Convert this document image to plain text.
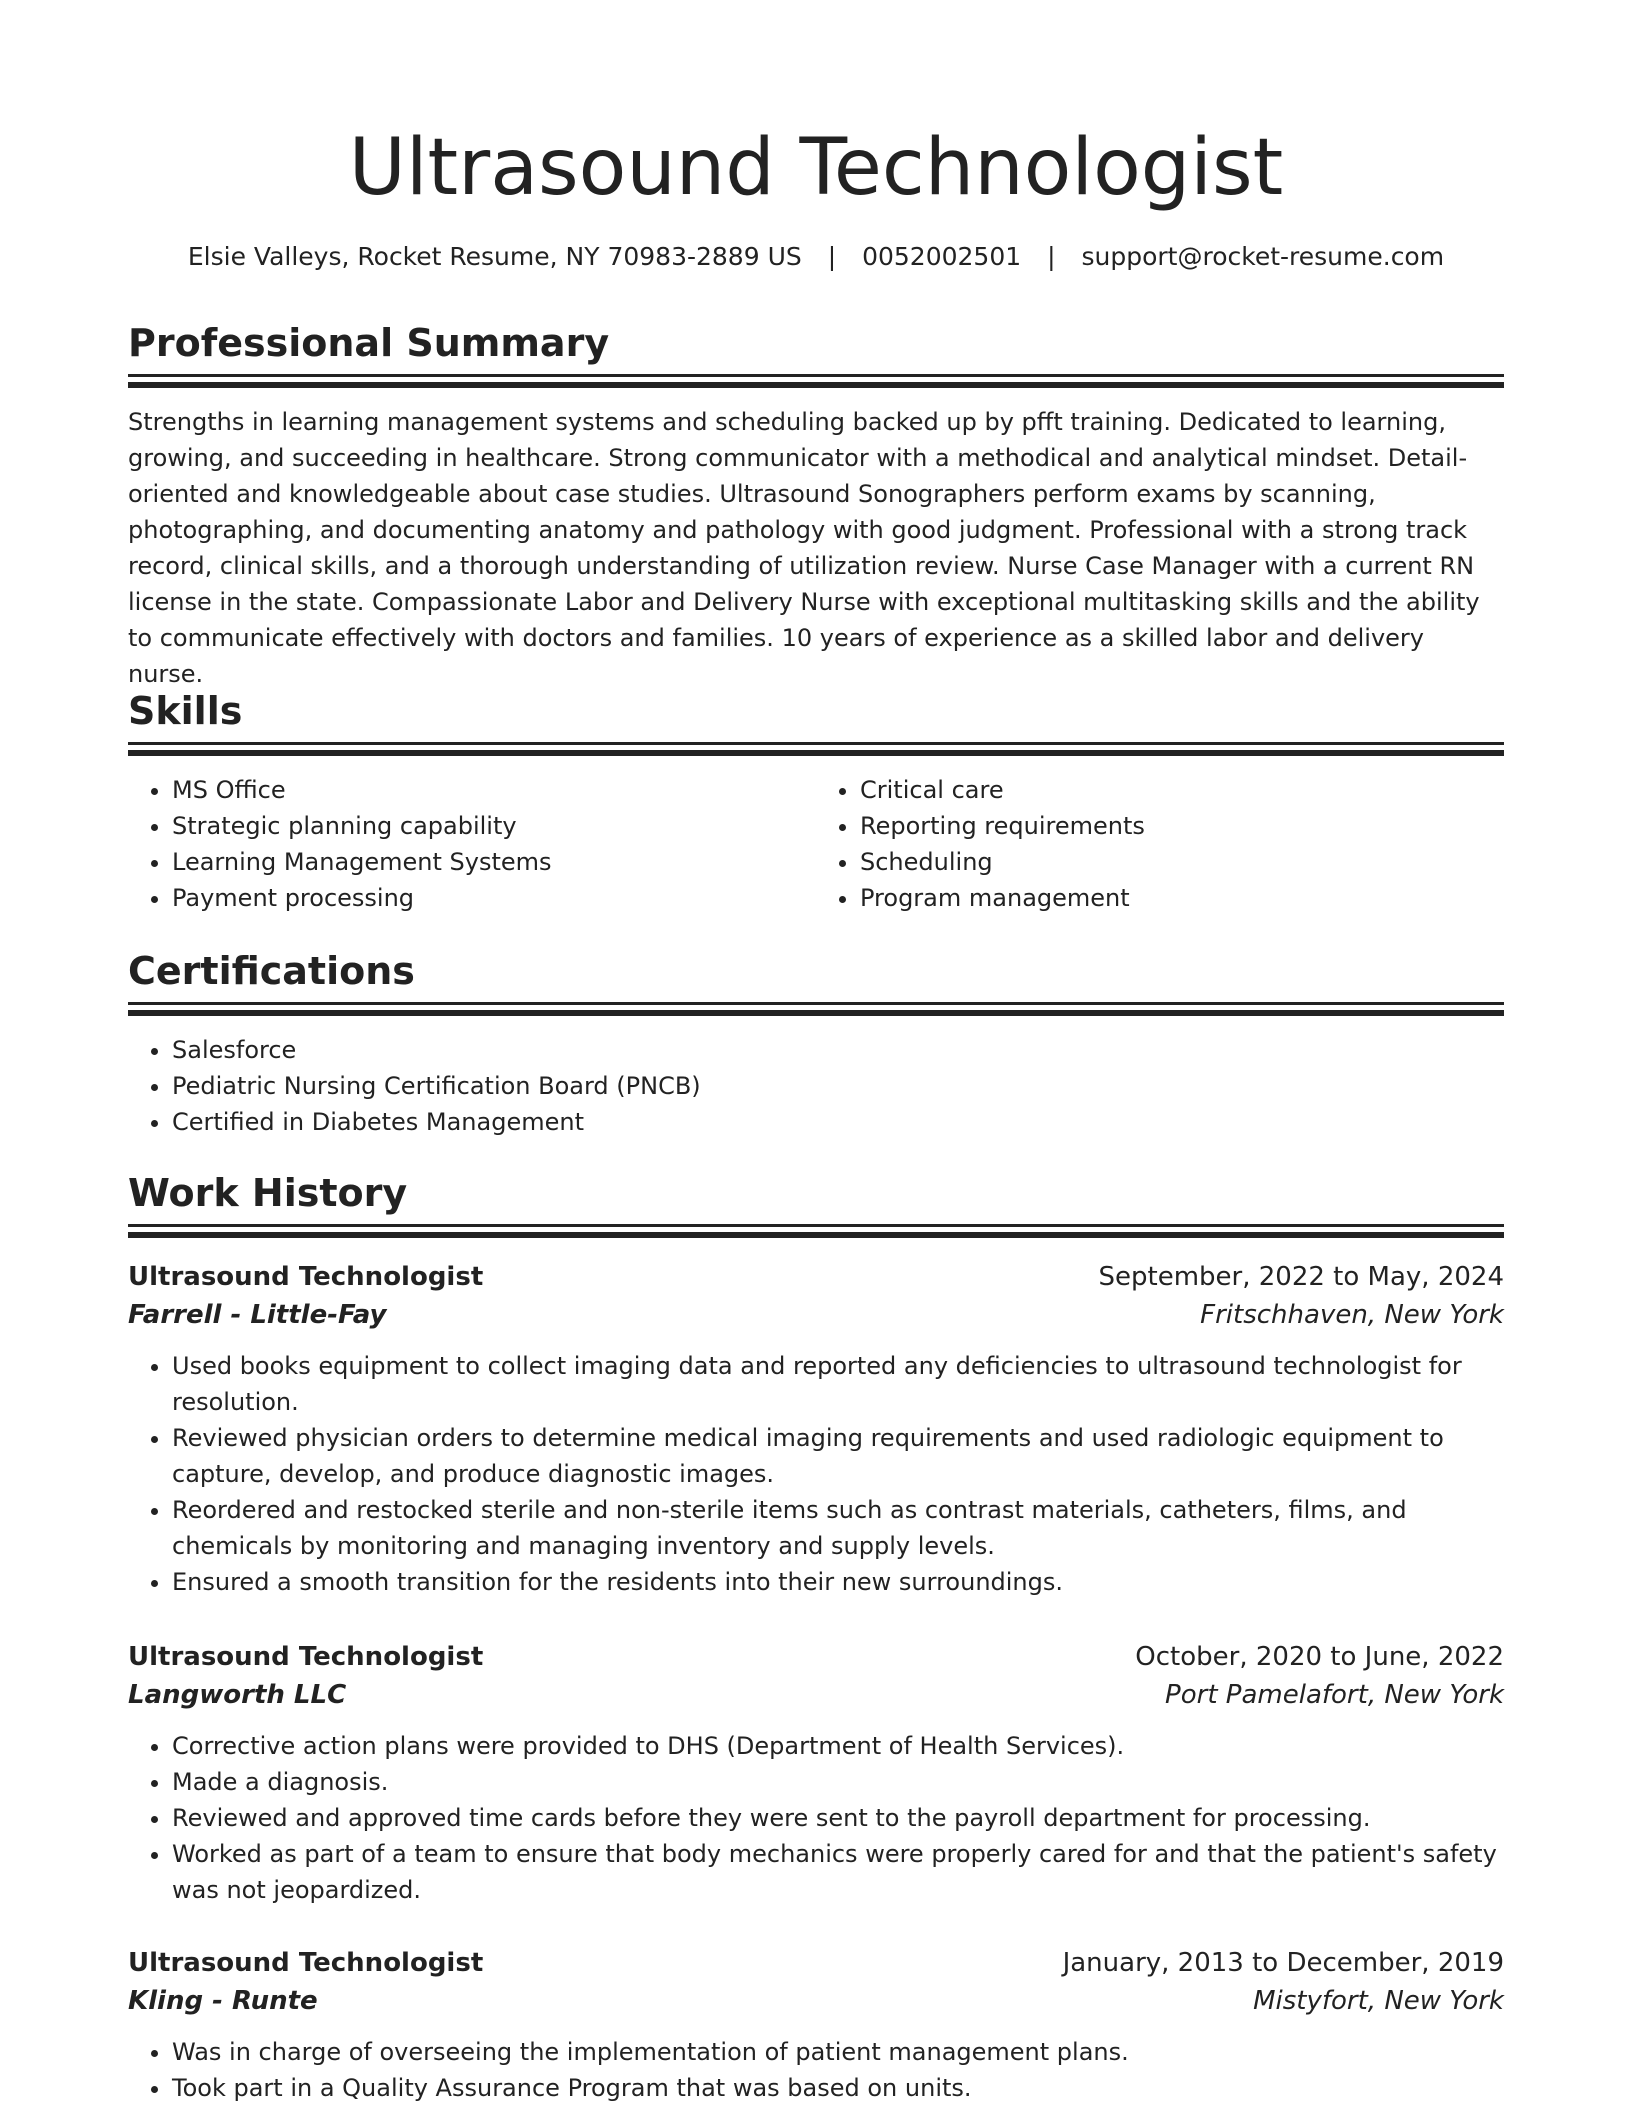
Ultrasound Technologist
Elsie Valleys, Rocket Resume, NY 70983-2889 US | 0052002501 | support@rocket-resume.com
Professional Summary

Strengths in learning management systems and scheduling backed up by pfft training. Dedicated to learning, growing, and succeeding in healthcare. Strong communicator with a methodical and analytical mindset. Detail-oriented and knowledgeable about case studies. Ultrasound Sonographers perform exams by scanning, photographing, and documenting anatomy and pathology with good judgment. Professional with a strong track record, clinical skills, and a thorough understanding of utilization review. Nurse Case Manager with a current RN license in the state. Compassionate Labor and Delivery Nurse with exceptional multitasking skills and the ability to communicate effectively with doctors and families. 10 years of experience as a skilled labor and delivery nurse.

Skills
• MS Office
• Strategic planning capability
• Learning Management Systems
• Payment processing
• Critical care
• Reporting requirements
• Scheduling
• Program management
Certifications
• Salesforce
• Pediatric Nursing Certification Board (PNCB)
• Certified in Diabetes Management
Work History
Ultrasound Technologist	September, 2022 to May, 2024
Farrell - Little-Fay	Fritschhaven, New York
• Used books equipment to collect imaging data and reported any deficiencies to ultrasound technologist for resolution.
• Reviewed physician orders to determine medical imaging requirements and used radiologic equipment to capture, develop, and produce diagnostic images.
• Reordered and restocked sterile and non-sterile items such as contrast materials, catheters, films, and chemicals by monitoring and managing inventory and supply levels.
• Ensured a smooth transition for the residents into their new surroundings.
Ultrasound Technologist	October, 2020 to June, 2022
Langworth LLC	Port Pamelafort, New York
• Corrective action plans were provided to DHS (Department of Health Services).
• Made a diagnosis.
• Reviewed and approved time cards before they were sent to the payroll department for processing.
• Worked as part of a team to ensure that body mechanics were properly cared for and that the patient's safety was not jeopardized.
Ultrasound Technologist	January, 2013 to December, 2019
Kling - Runte	Mistyfort, New York
• Was in charge of overseeing the implementation of patient management plans.
• Took part in a Quality Assurance Program that was based on units.
